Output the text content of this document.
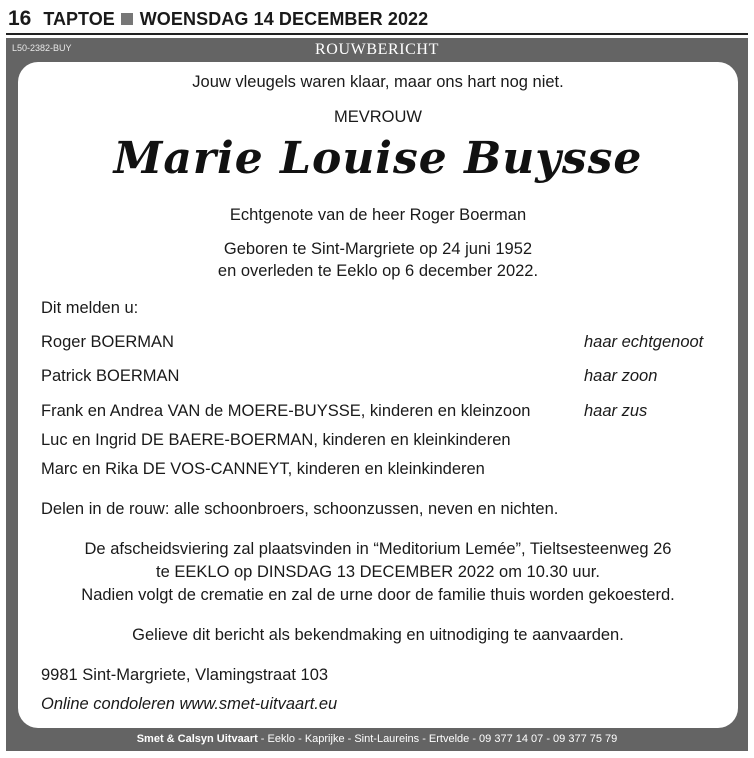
16 TAPTOE WOENSDAG 14 DECEMBER 2022
L50-2382-BUY	ROUWBERICHT
Jouw vleugels waren klaar, maar ons hart nog niet.
MEVROUW
Marie Louise Buysse
Echtgenote van de heer Roger Boerman
Geboren te Sint-Margriete op 24 juni 1952
en overleden te Eeklo op 6 december 2022.
Dit melden u:
Roger BOERMAN	haar echtgenoot
Patrick BOERMAN	haar zoon
Frank en Andrea VAN de MOERE-BUYSSE, kinderen en kleinzoon	haar zus
Luc en Ingrid DE BAERE-BOERMAN, kinderen en kleinkinderen
Marc en Rika DE VOS-CANNEYT, kinderen en kleinkinderen
Delen in de rouw: alle schoonbroers, schoonzussen, neven en nichten.
De afscheidsviering zal plaatsvinden in “Meditorium Lemée”, Tieltsesteenweg 26
te EEKLO op DINSDAG 13 DECEMBER 2022 om 10.30 uur.
Nadien volgt de crematie en zal de urne door de familie thuis worden gekoesterd.
Gelieve dit bericht als bekendmaking en uitnodiging te aanvaarden.
9981 Sint-Margriete, Vlamingstraat 103
Online condoleren www.smet-uitvaart.eu
Smet & Calsyn Uitvaart - Eeklo - Kaprijke - Sint-Laureins - Ertvelde - 09 377 14 07 - 09 377 75 79
